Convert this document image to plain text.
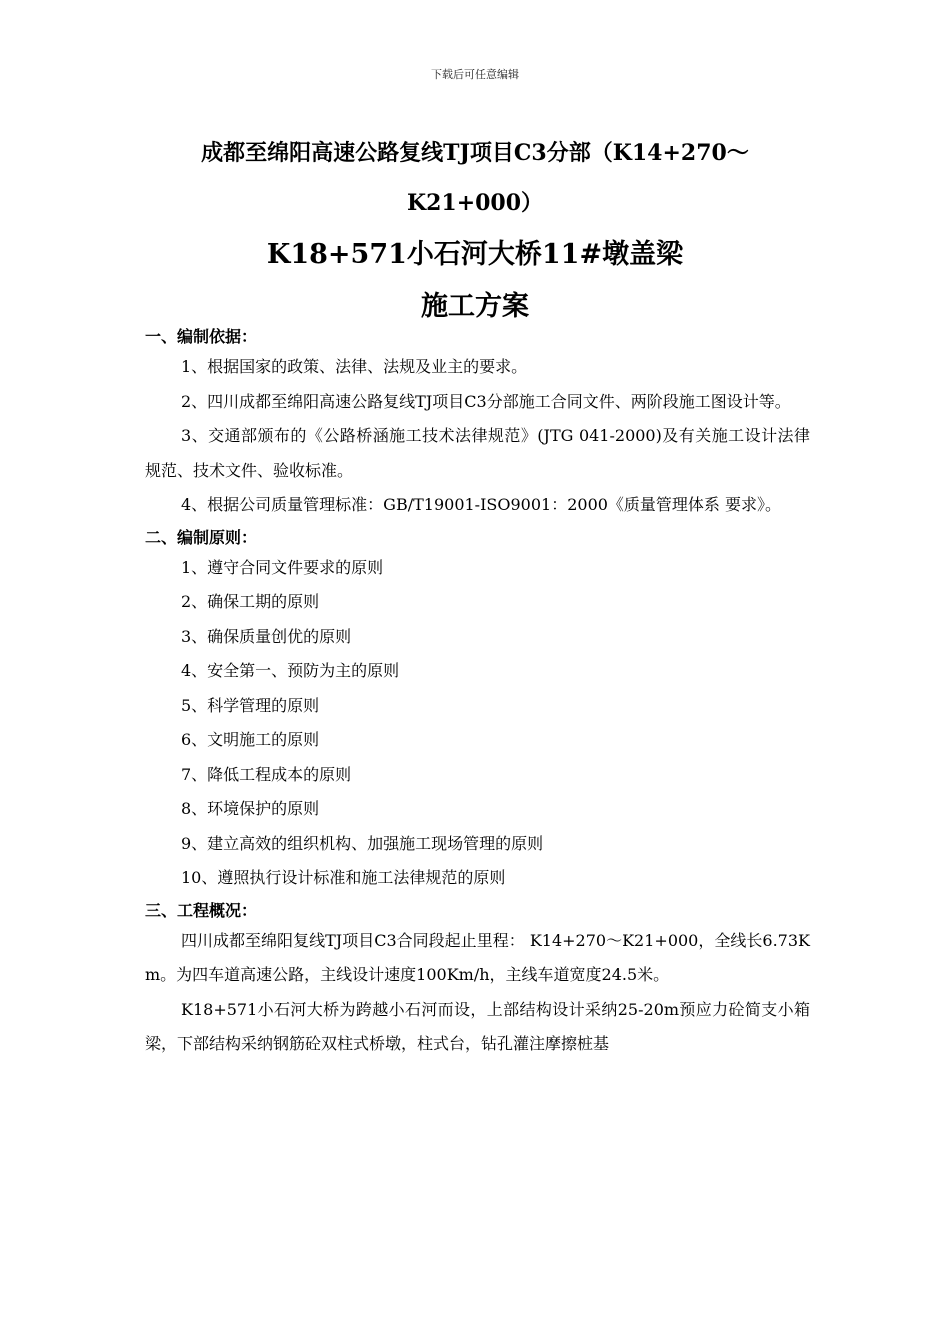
下载后可任意编辑
成都至绵阳高速公路复线TJ项目C3分部（K14+270～
K21+000）
K18+571小石河大桥11#墩盖梁
施工方案
一、编制依据：
1、根据国家的政策、法律、法规及业主的要求。
2、四川成都至绵阳高速公路复线TJ项目C3分部施工合同文件、两阶段施工图设计等。
3、交通部颁布的《公路桥涵施工技术法律规范》(JTG 041-2000)及有关施工设计法律规范、技术文件、验收标准。
4、根据公司质量管理标准：GB/T19001-ISO9001：2000《质量管理体系 要求》。
二、编制原则：
1、遵守合同文件要求的原则
2、确保工期的原则
3、确保质量创优的原则
4、安全第一、预防为主的原则
5、科学管理的原则
6、文明施工的原则
7、降低工程成本的原则
8、环境保护的原则
9、建立高效的组织机构、加强施工现场管理的原则
10、遵照执行设计标准和施工法律规范的原则
三、工程概况：
四川成都至绵阳复线TJ项目C3合同段起止里程： K14+270～K21+000，全线长6.73Km。为四车道高速公路，主线设计速度100Km/h，主线车道宽度24.5米。
K18+571小石河大桥为跨越小石河而设，上部结构设计采纳25-20m预应力砼简支小箱梁，下部结构采纳钢筋砼双柱式桥墩，柱式台，钻孔灌注摩擦桩基
